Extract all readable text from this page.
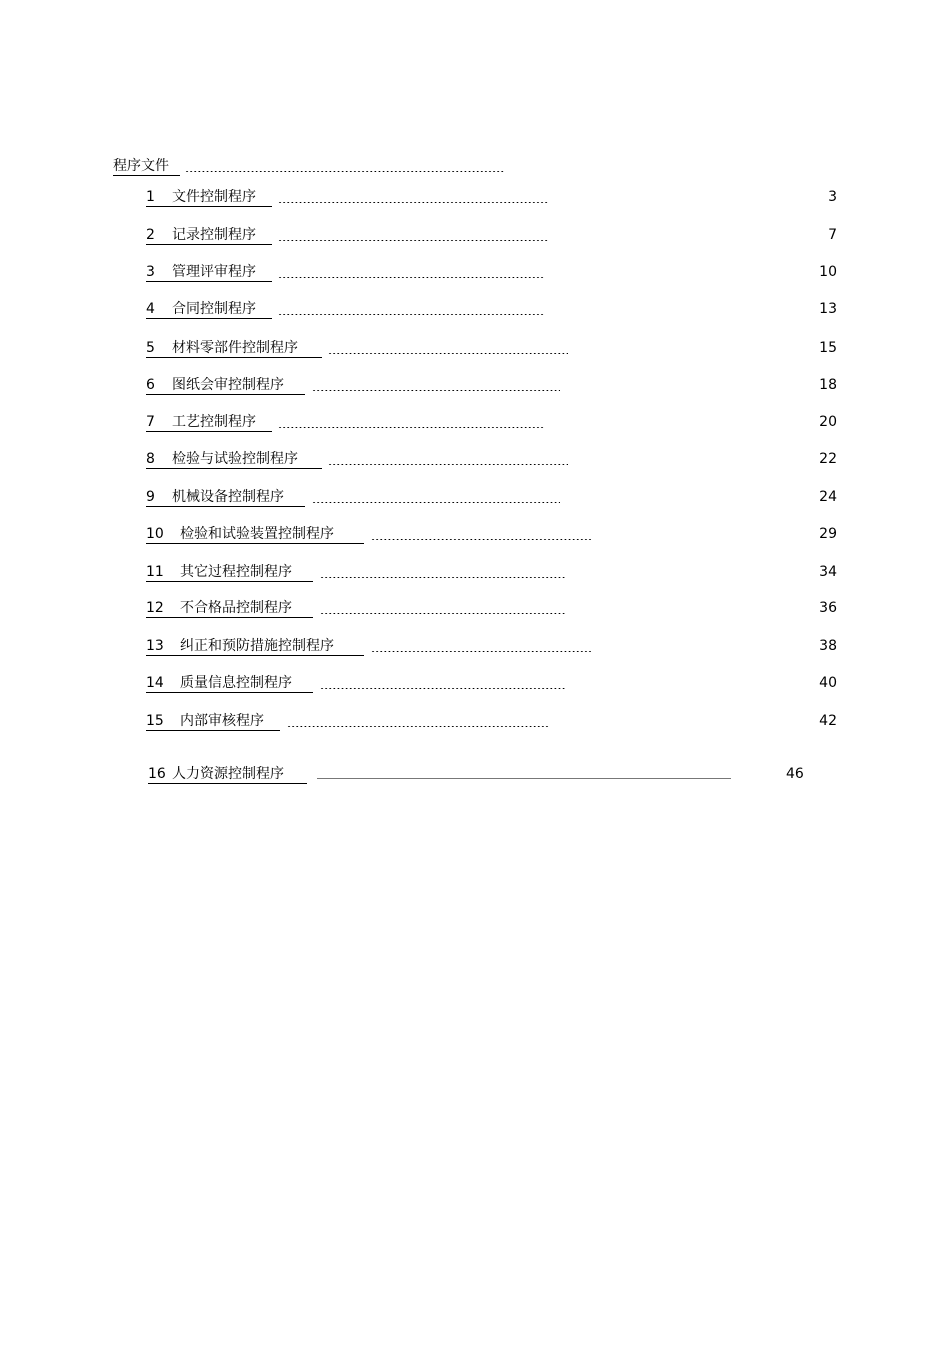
程序文件
1 文件控制程序	3
2 记录控制程序	7
3 管理评审程序	10
4 合同控制程序	13
5 材料零部件控制程序	15
6 图纸会审控制程序	18
7 工艺控制程序	20
8 检验与试验控制程序	22
9 机械设备控制程序	24
10 检验和试验装置控制程序	29
11 其它过程控制程序	34
12 不合格品控制程序	36
13 纠正和预防措施控制程序	38
14 质量信息控制程序	40
15 内部审核程序	42
16 人力资源控制程序	46
